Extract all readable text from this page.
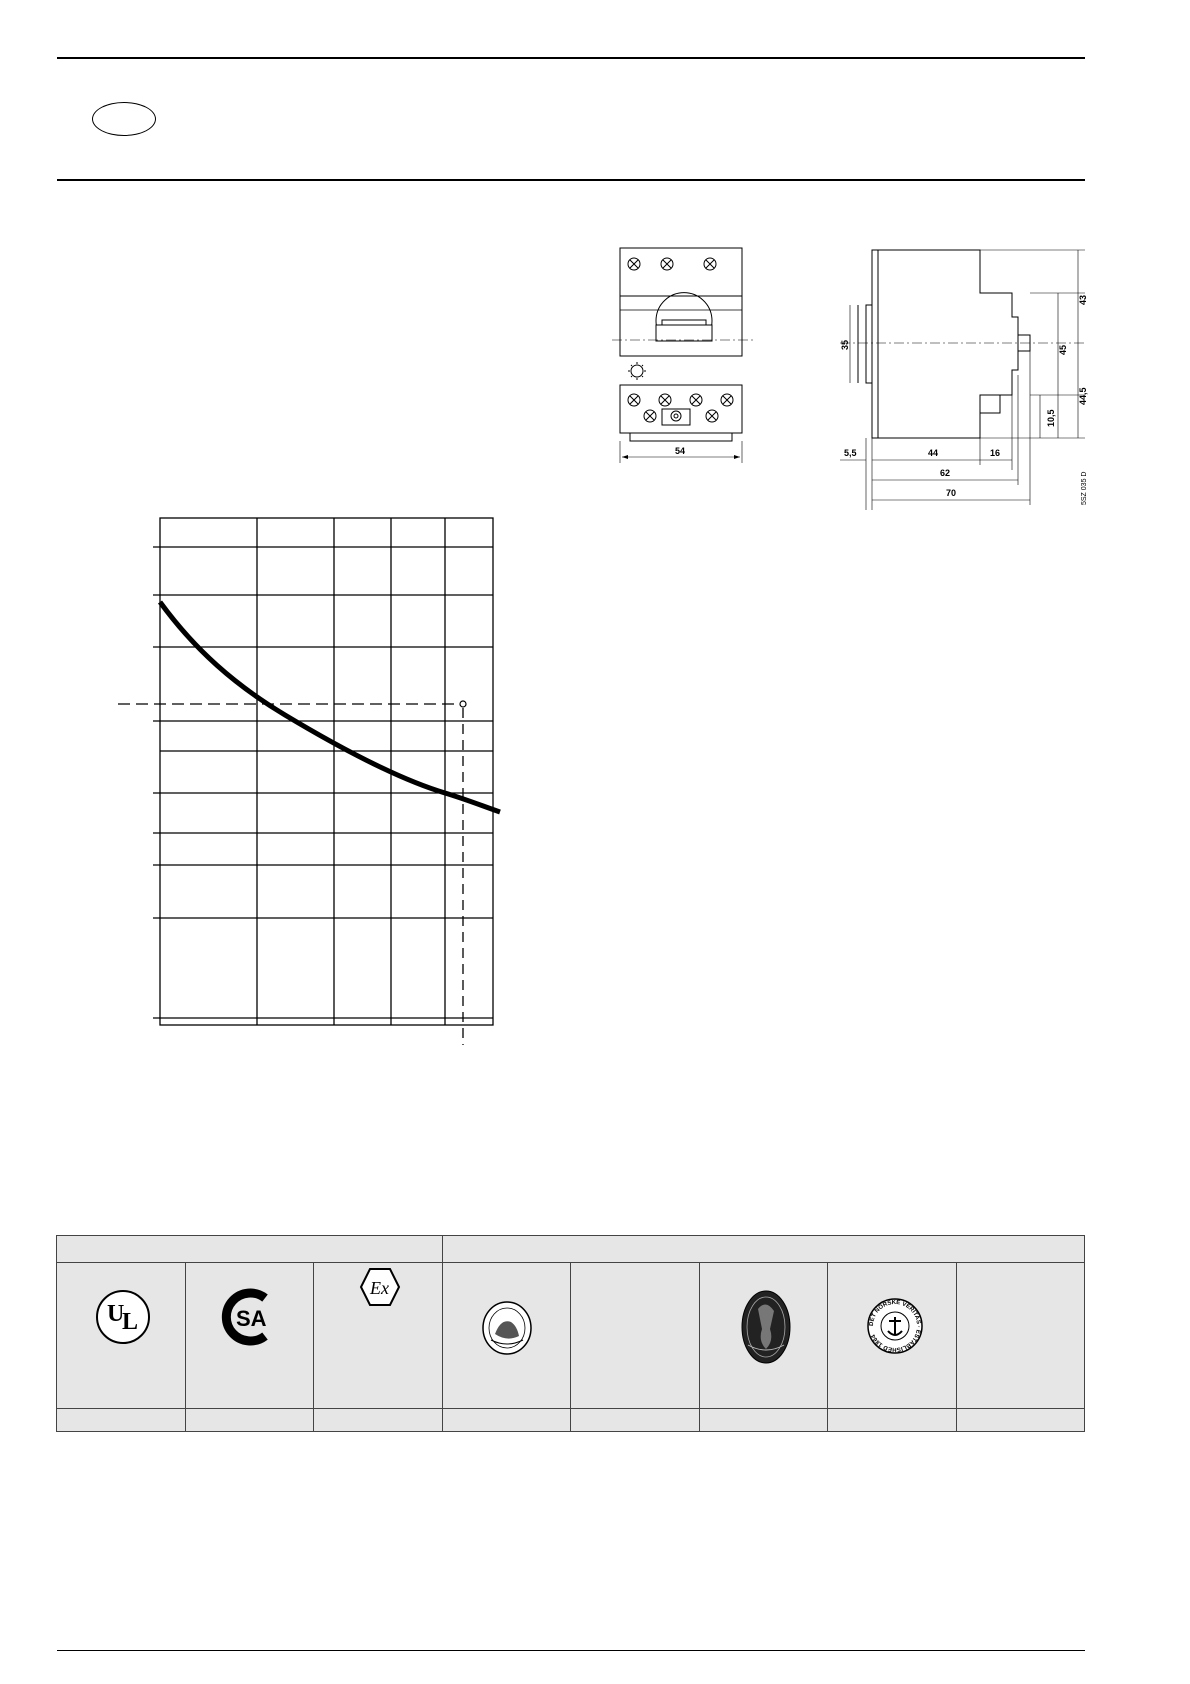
54
43
45
44,5
35
10,5
5,5	44	16
62
70	5SZ 035 D

U
L	SA	Ex				DET NORSKE VERITAS · ESTABLISHED 1864	
